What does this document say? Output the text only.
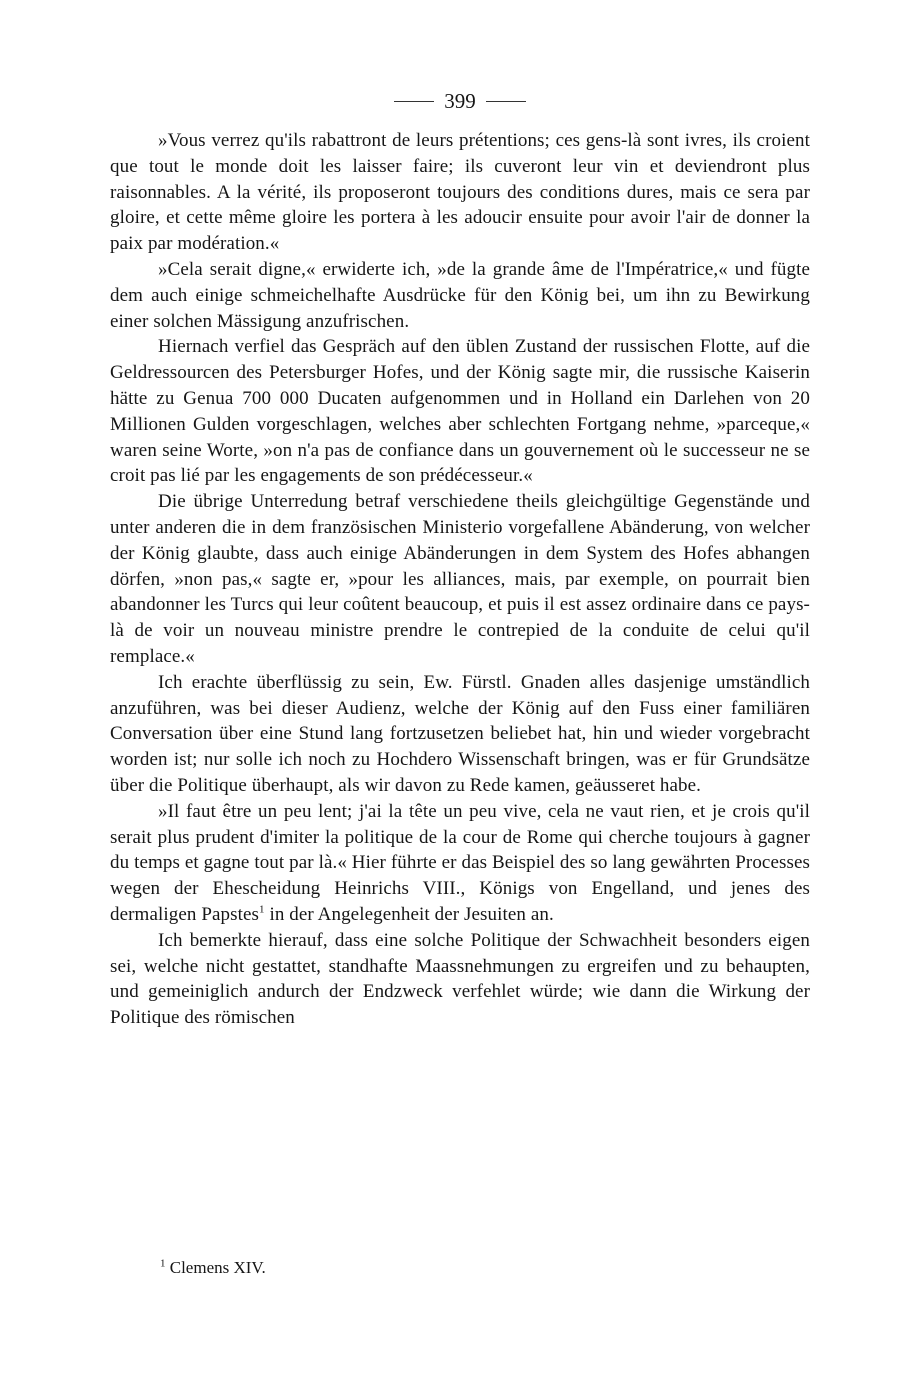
399

»Vous verrez qu'ils rabattront de leurs prétentions; ces gens-là sont ivres, ils croient que tout le monde doit les laisser faire; ils cuveront leur vin et deviendront plus raisonnables. A la vérité, ils proposeront toujours des conditions dures, mais ce sera par gloire, et cette même gloire les portera à les adoucir ensuite pour avoir l'air de donner la paix par modération.«

»Cela serait digne,« erwiderte ich, »de la grande âme de l'Impératrice,« und fügte dem auch einige schmeichelhafte Ausdrücke für den König bei, um ihn zu Bewirkung einer solchen Mässigung anzufrischen.

Hiernach verfiel das Gespräch auf den üblen Zustand der russischen Flotte, auf die Geldressourcen des Petersburger Hofes, und der König sagte mir, die russische Kaiserin hätte zu Genua 700 000 Ducaten aufgenommen und in Holland ein Darlehen von 20 Millionen Gulden vorgeschlagen, welches aber schlechten Fortgang nehme, »parceque,« waren seine Worte, »on n'a pas de confiance dans un gouvernement où le successeur ne se croit pas lié par les engagements de son prédécesseur.«

Die übrige Unterredung betraf verschiedene theils gleichgültige Gegenstände und unter anderen die in dem französischen Ministerio vorgefallene Abänderung, von welcher der König glaubte, dass auch einige Abänderungen in dem System des Hofes abhangen dörfen, »non pas,« sagte er, »pour les alliances, mais, par exemple, on pourrait bien abandonner les Turcs qui leur coûtent beaucoup, et puis il est assez ordinaire dans ce pays-là de voir un nouveau ministre prendre le contrepied de la conduite de celui qu'il remplace.«

Ich erachte überflüssig zu sein, Ew. Fürstl. Gnaden alles dasjenige umständlich anzuführen, was bei dieser Audienz, welche der König auf den Fuss einer familiären Conversation über eine Stund lang fortzusetzen beliebet hat, hin und wieder vorgebracht worden ist; nur solle ich noch zu Hochdero Wissenschaft bringen, was er für Grundsätze über die Politique überhaupt, als wir davon zu Rede kamen, geäusseret habe.

»Il faut être un peu lent; j'ai la tête un peu vive, cela ne vaut rien, et je crois qu'il serait plus prudent d'imiter la politique de la cour de Rome qui cherche toujours à gagner du temps et gagne tout par là.« Hier führte er das Beispiel des so lang gewährten Processes wegen der Ehescheidung Heinrichs VIII., Königs von Engelland, und jenes des dermaligen Papstes$^1$ in der Angelegenheit der Jesuiten an.

Ich bemerkte hierauf, dass eine solche Politique der Schwachheit besonders eigen sei, welche nicht gestattet, standhafte Maassnehmungen zu ergreifen und zu behaupten, und gemeiniglich andurch der Endzweck verfehlet würde; wie dann die Wirkung der Politique des römischen

$^1$ Clemens XIV.
